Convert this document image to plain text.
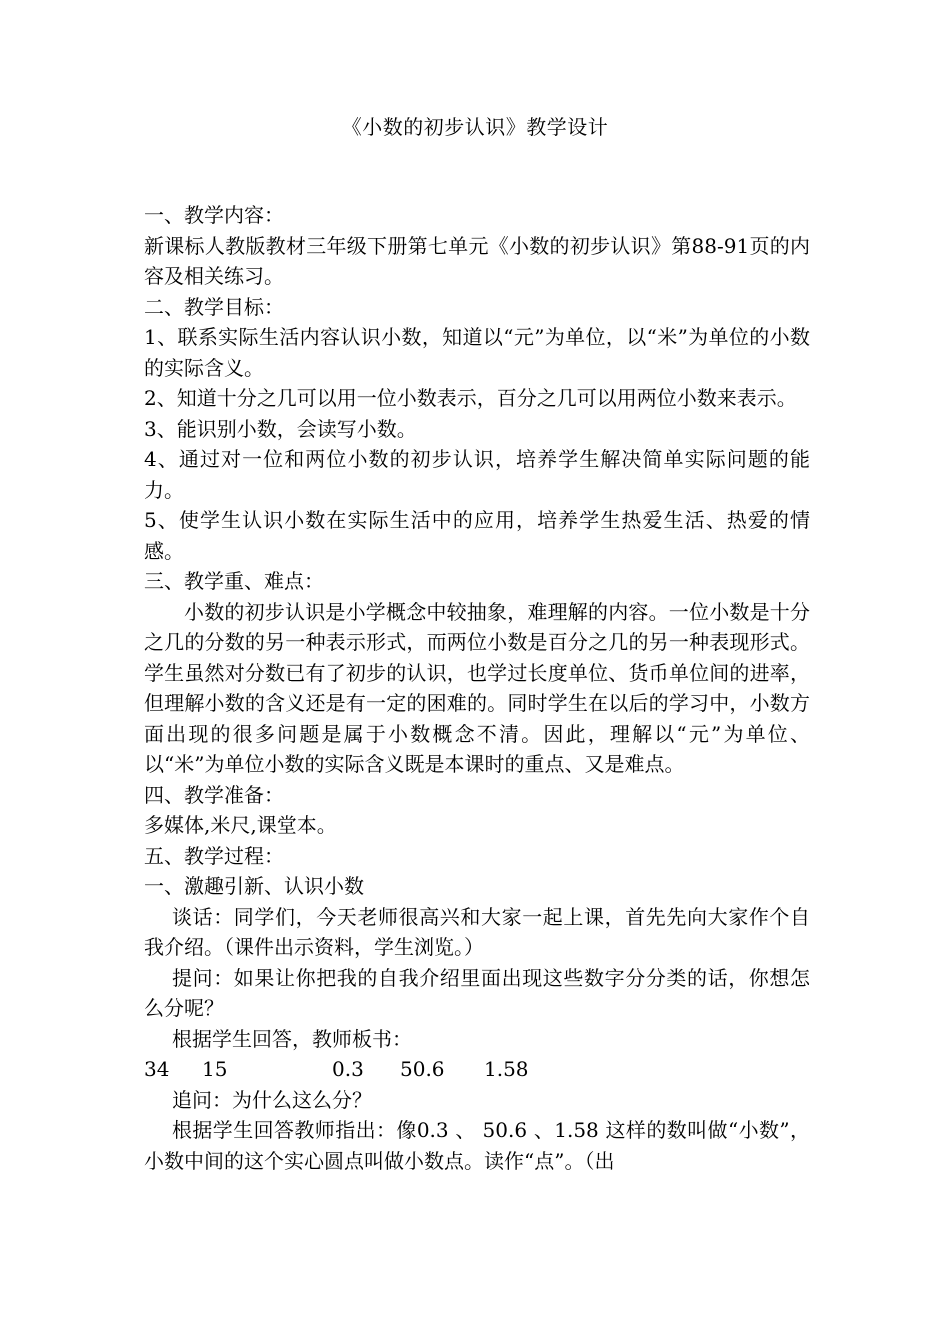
《小数的初步认识》教学设计

一、教学内容：

新课标人教版教材三年级下册第七单元《小数的初步认识》第88-91页的内容及相关练习。

二、教学目标：

1、联系实际生活内容认识小数，知道以“元”为单位，以“米”为单位的小数的实际含义。

2、知道十分之几可以用一位小数表示，百分之几可以用两位小数来表示。

3、能识别小数，会读写小数。

4、通过对一位和两位小数的初步认识，培养学生解决简单实际问题的能力。

5、使学生认识小数在实际生活中的应用，培养学生热爱生活、热爱的情感。

三、教学重、难点：

小数的初步认识是小学概念中较抽象，难理解的内容。一位小数是十分之几的分数的另一种表示形式，而两位小数是百分之几的另一种表现形式。学生虽然对分数已有了初步的认识，也学过长度单位、货币单位间的进率，但理解小数的含义还是有一定的困难的。同时学生在以后的学习中，小数方面出现的很多问题是属于小数概念不清。因此，理解以“元”为单位、以“米”为单位小数的实际含义既是本课时的重点、又是难点。

四、教学准备：

多媒体,米尺,课堂本。

五、教学过程：

一、激趣引新、认识小数

谈话：同学们，今天老师很高兴和大家一起上课，首先先向大家作个自我介绍。（课件出示资料，学生浏览。）

提问：如果让你把我的自我介绍里面出现这些数字分分类的话，你想怎么分呢？

根据学生回答，教师板书：

34	15	0.3	50.6	1.58

追问：为什么这么分？

根据学生回答教师指出：像0.3 、 50.6 、1.58 这样的数叫做“小数”，小数中间的这个实心圆点叫做小数点。读作“点”。（出
